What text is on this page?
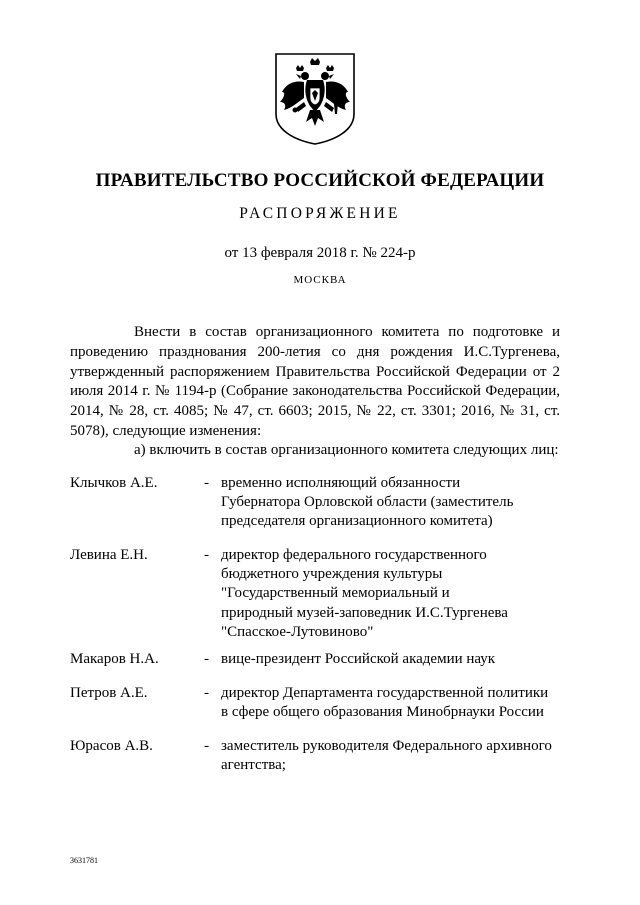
ПРАВИТЕЛЬСТВО РОССИЙСКОЙ ФЕДЕРАЦИИ
РАСПОРЯЖЕНИЕ
от 13 февраля 2018 г. № 224-р
МОСКВА
Внести в состав организационного комитета по подготовке и проведению празднования 200-летия со дня рождения И.С.Тургенева, утвержденный распоряжением Правительства Российской Федерации от 2 июля 2014 г. № 1194-р (Собрание законодательства Российской Федерации, 2014, № 28, ст. 4085; № 47, ст. 6603; 2015, № 22, ст. 3301; 2016, № 31, ст. 5078), следующие изменения:
а) включить в состав организационного комитета следующих лиц:
Клычков А.Е.	- временно исполняющий обязанности
Губернатора Орловской области (заместитель
председателя организационного комитета)
Левина Е.Н.	- директор федерального государственного
бюджетного учреждения культуры
"Государственный мемориальный и
природный музей-заповедник И.С.Тургенева
"Спасское-Лутовиново"
Макаров Н.А.	- вице-президент Российской академии наук
Петров А.Е.	- директор Департамента государственной политики
в сфере общего образования Минобрнауки России
Юрасов А.В.	- заместитель руководителя Федерального архивного
агентства;
3631781
